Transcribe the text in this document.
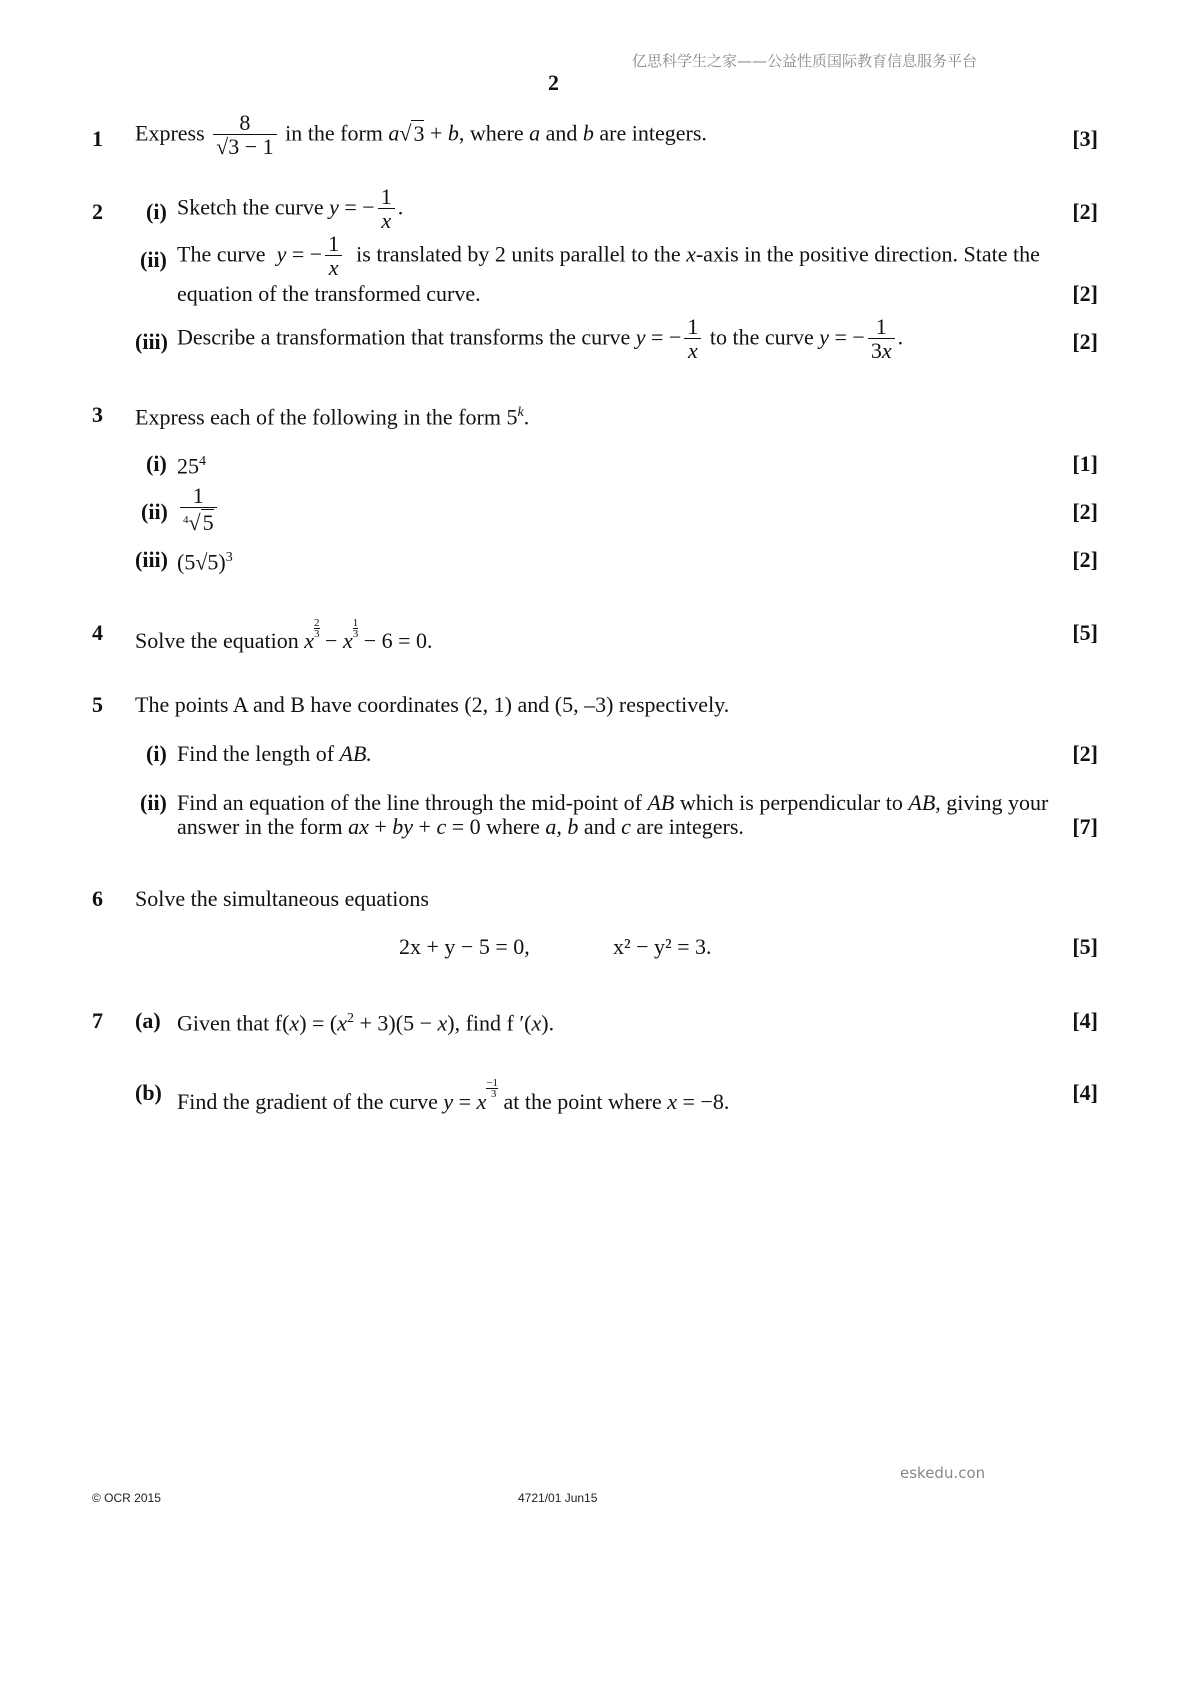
亿思科学生之家——公益性质国际教育信息服务平台
2
1 Express $\frac{8}{√3 - 1}$ in the form a√3 + b, where a and b are integers.	[3]
2 (i) Sketch the curve y = − $\frac{1}{x}$ .	[2]
(ii) The curve y = − $\frac{1}{x}$ is translated by 2 units parallel to the x-axis in the positive direction. State the
equation of the transformed curve.	[2]
(iii) Describe a transformation that transforms the curve y = − $\frac{1}{x}$ to the curve y = − $\frac{1}{3x}$ .	[2]
3 Express each of the following in the form 5$^k$.
(i) $25^4$	[1]
$(ii) \frac{1}{^4√5}$	[2]
(iii) $(5√5)^3$	[2]
4 Solve the equation x $\frac{2}{3} - x \frac{1}{3} - 6 = 0$.	[5]
5 The points A and B have coordinates (2, 1) and (5, –3) respectively.
(i) Find the length of AB.	[2]
(ii) Find an equation of the line through the mid-point of AB which is perpendicular to AB, giving your
answer in the form ax + by + c = 0 where a, b and c are integers.	[7]
6 Solve the simultaneous equations
2x + y − 5 = 0,	x² − y² = 3.	[5]
7 (a) Given that $f(x) = (x^2 + 3)(5 - x)$, find f ′(x).	[4]
(b) Find the gradient of the curve y = x
$\frac{-1}{3}$
at the point where x = −8.	[4]
eskedu.con
© OCR 2015	4721/01 Jun15
